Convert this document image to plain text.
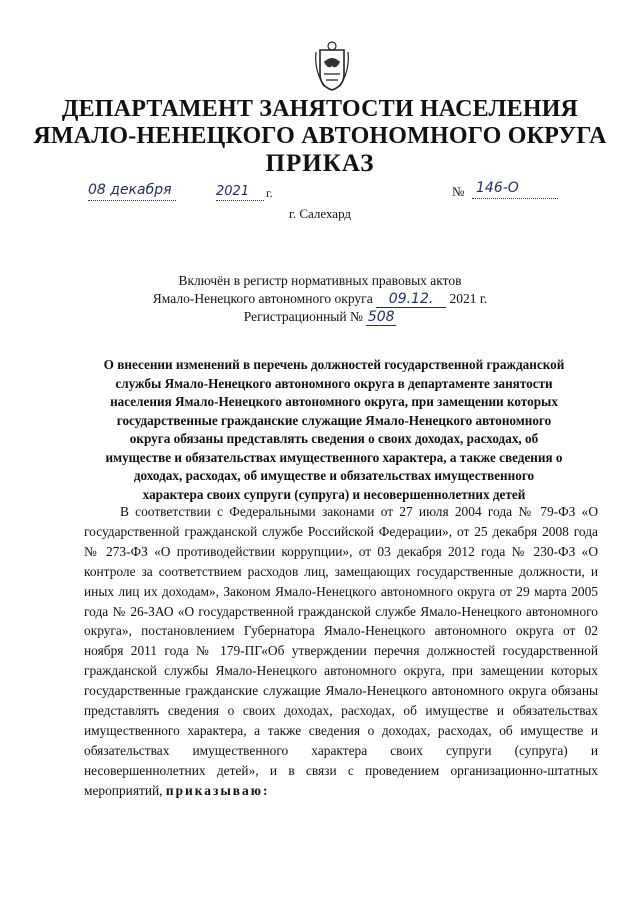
ДЕПАРТАМЕНТ ЗАНЯТОСТИ НАСЕЛЕНИЯ
ЯМАЛО-НЕНЕЦКОГО АВТОНОМНОГО ОКРУГА
ПРИКАЗ
08 декабря	2021 г.	№ 146-О
г. Салехард
Включён в регистр нормативных правовых актов
Ямало-Ненецкого автономного округа 09.12. 2021 г.
Регистрационный № 508
О внесении изменений в перечень должностей государственной гражданской
службы Ямало-Ненецкого автономного округа в департаменте занятости
населения Ямало-Ненецкого автономного округа, при замещении которых
государственные гражданские служащие Ямало-Ненецкого автономного
округа обязаны представлять сведения о своих доходах, расходах, об
имуществе и обязательствах имущественного характера, а также сведения о
доходах, расходах, об имуществе и обязательствах имущественного
характера своих супруги (супруга) и несовершеннолетних детей

В соответствии с Федеральными законами от 27 июля 2004 года № 79-ФЗ «О государственной гражданской службе Российской Федерации», от 25 декабря 2008 года № 273-ФЗ «О противодействии коррупции», от 03 декабря 2012 года № 230-ФЗ «О контроле за соответствием расходов лиц, замещающих государственные должности, и иных лиц их доходам», Законом Ямало-Ненецкого автономного округа от 29 марта 2005 года № 26-ЗАО «О государственной гражданской службе Ямало-Ненецкого автономного округа», постановлением Губернатора Ямало-Ненецкого автономного округа от 02 ноября 2011 года № 179-ПГ«Об утверждении перечня должностей государственной гражданской службы Ямало-Ненецкого автономного округа, при замещении которых государственные гражданские служащие Ямало-Ненецкого автономного округа обязаны представлять сведения о своих доходах, расходах, об имуществе и обязательствах имущественного характера, а также сведения о доходах, расходах, об имуществе и обязательствах имущественного характера своих супруги (супруга) и несовершеннолетних детей», и в связи с проведением организационно-штатных мероприятий, приказываю:
